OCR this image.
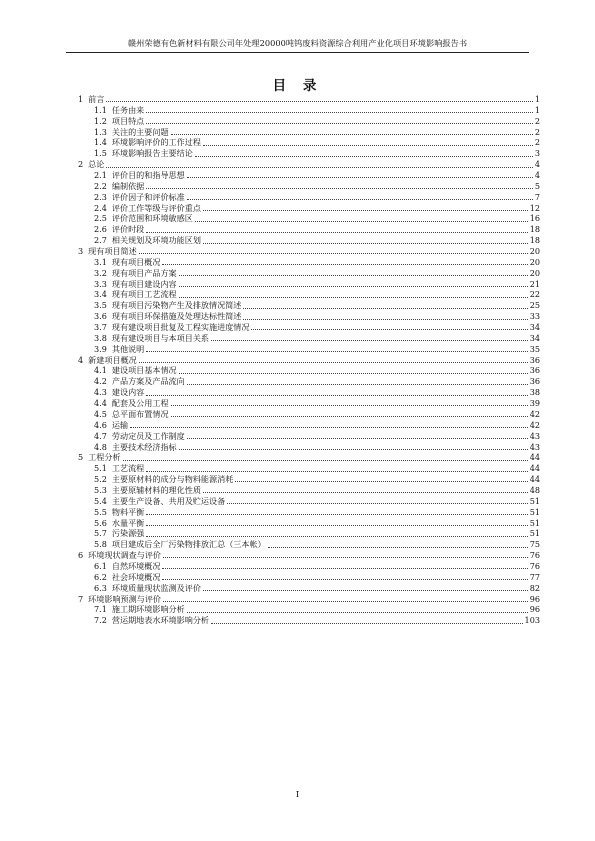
赣州荣德有色新材料有限公司年处理20000吨钨废料资源综合利用产业化项目环境影响报告书
目 录
1 前言	1
1.1 任务由来	1
1.2 项目特点	2
1.3 关注的主要问题	2
1.4 环境影响评价的工作过程	2
1.5 环境影响报告主要结论	3
2 总论	4
2.1 评价目的和指导思想	4
2.2 编制依据	5
2.3 评价因子和评价标准	7
2.4 评价工作等级与评价重点	12
2.5 评价范围和环境敏感区	16
2.6 评价时段	18
2.7 相关规划及环境功能区划	18
3 现有项目简述	20
3.1 现有项目概况	20
3.2 现有项目产品方案	20
3.3 现有项目建设内容	21
3.4 现有项目工艺流程	22
3.5 现有项目污染物产生及排放情况简述	25
3.6 现有项目环保措施及处理达标性简述	33
3.7 现有建设项目批复及工程实施进度情况	34
3.8 现有建设项目与本项目关系	34
3.9 其他说明	35
4 新建项目概况	36
4.1 建设项目基本情况	36
4.2 产品方案及产品流向	36
4.3 建设内容	38
4.4 配套及公用工程	39
4.5 总平面布置情况	42
4.6 运输	42
4.7 劳动定员及工作制度	43
4.8 主要技术经济指标	43
5 工程分析	44
5.1 工艺流程	44
5.2 主要原材料的成分与物料能源消耗	44
5.3 主要原辅材料的理化性质	48
5.4 主要生产设备、共用及贮运设备	51
5.5 物料平衡	51
5.6 水量平衡	51
5.7 污染源强	51
5.8 项目建成后全厂污染物排放汇总（三本帐）	75
6 环境现状调查与评价	76
6.1 自然环境概况	76
6.2 社会环境概况	77
6.3 环境质量现状监测及评价	82
7 环境影响预测与评价	96
7.1 施工期环境影响分析	96
7.2 营运期地表水环境影响分析	103
I
